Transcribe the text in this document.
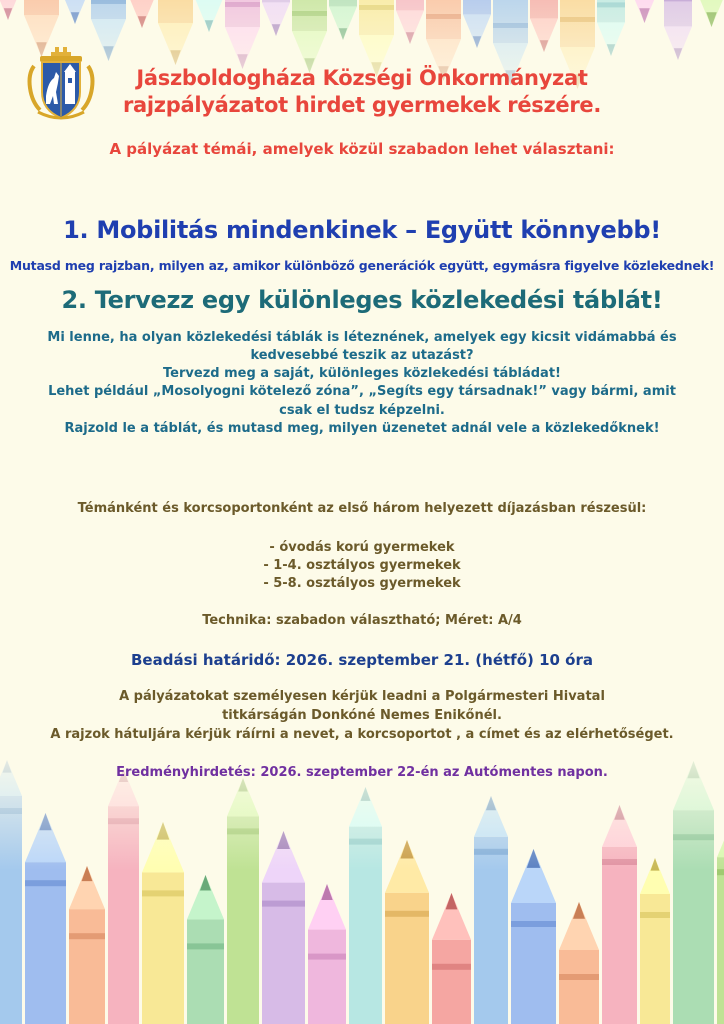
Jászboldogháza Községi Önkormányzat

rajzpályázatot hirdet gyermekek részére.

A pályázat témái, amelyek közül szabadon lehet választani:

1. Mobilitás mindenkinek – Együtt könnyebb!

Mutasd meg rajzban, milyen az, amikor különböző generációk együtt, egymásra figyelve közlekednek!

2. Tervezz egy különleges közlekedési táblát!

Mi lenne, ha olyan közlekedési táblák is léteznének, amelyek egy kicsit vidámabbá és

kedvesebbé teszik az utazást?

Tervezd meg a saját, különleges közlekedési tábládat!

Lehet például „Mosolyogni kötelező zóna”, „Segíts egy társadnak!” vagy bármi, amit

csak el tudsz képzelni.

Rajzold le a táblát, és mutasd meg, milyen üzenetet adnál vele a közlekedőknek!

Témánként és korcsoportonként az első három helyezett díjazásban részesül:

- óvodás korú gyermekek

- 1-4. osztályos gyermekek

- 5-8. osztályos gyermekek

Technika: szabadon választható; Méret: A/4

Beadási határidő: 2026. szeptember 21. (hétfő) 10 óra

A pályázatokat személyesen kérjük leadni a Polgármesteri Hivatal

titkárságán Donkóné Nemes Enikőnél.

A rajzok hátuljára kérjük ráírni a nevet, a korcsoportot , a címet és az elérhetőséget.

Eredményhirdetés: 2026. szeptember 22-én az Autómentes napon.
